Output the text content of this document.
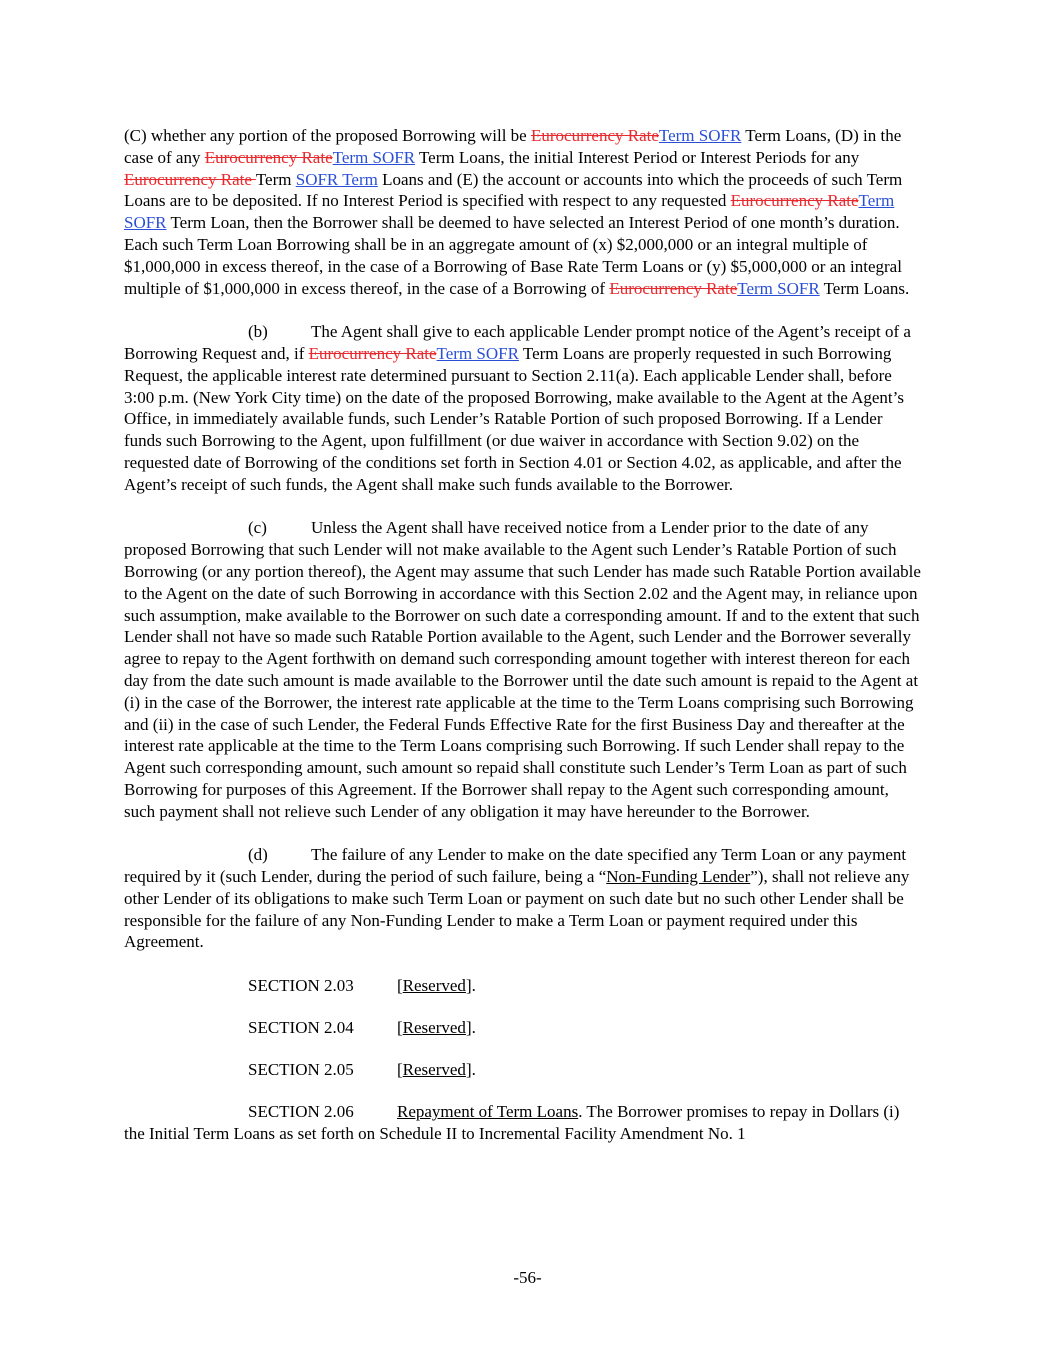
(C) whether any portion of the proposed Borrowing will be Eurocurrency RateTerm SOFR Term Loans, (D) in the case of any Eurocurrency RateTerm SOFR Term Loans, the initial Interest Period or Interest Periods for any Eurocurrency Rate Term SOFR Term Loans and (E) the account or accounts into which the proceeds of such Term Loans are to be deposited. If no Interest Period is specified with respect to any requested Eurocurrency RateTerm SOFR Term Loan, then the Borrower shall be deemed to have selected an Interest Period of one month’s duration. Each such Term Loan Borrowing shall be in an aggregate amount of (x) $2,000,000 or an integral multiple of $1,000,000 in excess thereof, in the case of a Borrowing of Base Rate Term Loans or (y) $5,000,000 or an integral multiple of $1,000,000 in excess thereof, in the case of a Borrowing of Eurocurrency RateTerm SOFR Term Loans.

(b)	The Agent shall give to each applicable Lender prompt notice of the Agent’s receipt of a Borrowing Request and, if Eurocurrency RateTerm SOFR Term Loans are properly requested in such Borrowing Request, the applicable interest rate determined pursuant to Section 2.11(a). Each applicable Lender shall, before 3:00 p.m. (New York City time) on the date of the proposed Borrowing, make available to the Agent at the Agent’s Office, in immediately available funds, such Lender’s Ratable Portion of such proposed Borrowing. If a Lender funds such Borrowing to the Agent, upon fulfillment (or due waiver in accordance with Section 9.02) on the requested date of Borrowing of the conditions set forth in Section 4.01 or Section 4.02, as applicable, and after the Agent’s receipt of such funds, the Agent shall make such funds available to the Borrower.

(c)	Unless the Agent shall have received notice from a Lender prior to the date of any proposed Borrowing that such Lender will not make available to the Agent such Lender’s Ratable Portion of such Borrowing (or any portion thereof), the Agent may assume that such Lender has made such Ratable Portion available to the Agent on the date of such Borrowing in accordance with this Section 2.02 and the Agent may, in reliance upon such assumption, make available to the Borrower on such date a corresponding amount. If and to the extent that such Lender shall not have so made such Ratable Portion available to the Agent, such Lender and the Borrower severally agree to repay to the Agent forthwith on demand such corresponding amount together with interest thereon for each day from the date such amount is made available to the Borrower until the date such amount is repaid to the Agent at (i) in the case of the Borrower, the interest rate applicable at the time to the Term Loans comprising such Borrowing and (ii) in the case of such Lender, the Federal Funds Effective Rate for the first Business Day and thereafter at the interest rate applicable at the time to the Term Loans comprising such Borrowing. If such Lender shall repay to the Agent such corresponding amount, such amount so repaid shall constitute such Lender’s Term Loan as part of such Borrowing for purposes of this Agreement. If the Borrower shall repay to the Agent such corresponding amount, such payment shall not relieve such Lender of any obligation it may have hereunder to the Borrower.

(d)	The failure of any Lender to make on the date specified any Term Loan or any payment required by it (such Lender, during the period of such failure, being a “Non-Funding Lender”), shall not relieve any other Lender of its obligations to make such Term Loan or payment on such date but no such other Lender shall be responsible for the failure of any Non-Funding Lender to make a Term Loan or payment required under this Agreement.

SECTION 2.03	[Reserved].
SECTION 2.04	[Reserved].
SECTION 2.05	[Reserved].

SECTION 2.06	Repayment of Term Loans. The Borrower promises to repay in Dollars (i) the Initial Term Loans as set forth on Schedule II to Incremental Facility Amendment No. 1

-56-
